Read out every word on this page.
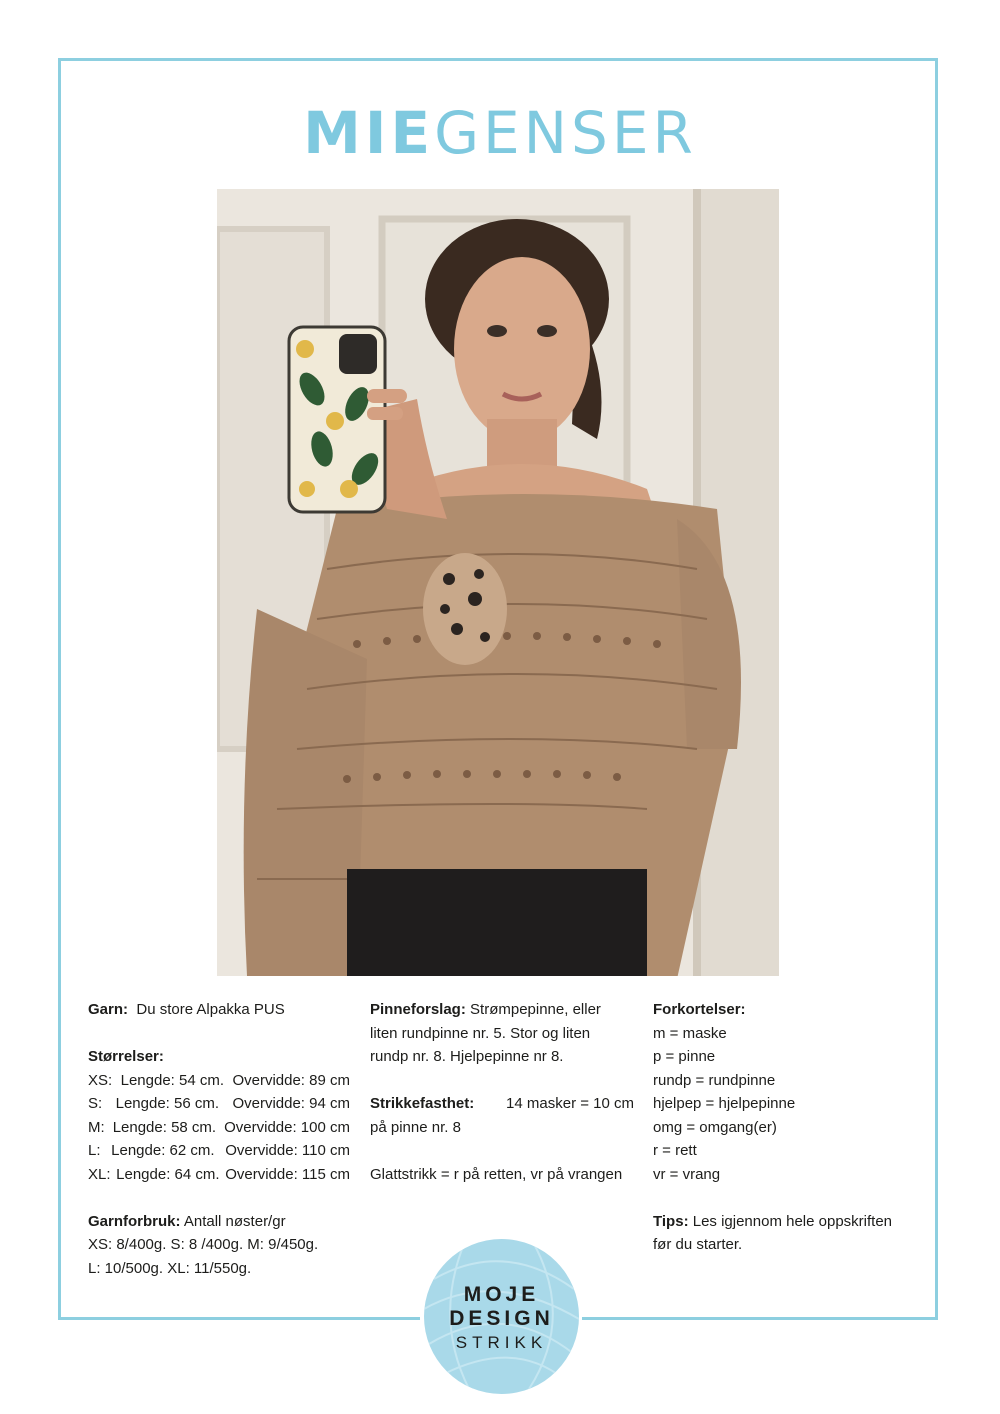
MIEGENSER

Garn: Du store Alpakka PUS

Størrelser:

XS: Lengde: 54 cm. Overvidde: 89 cm
S: Lengde: 56 cm. Overvidde: 94 cm
M: Lengde: 58 cm. Overvidde: 100 cm
L: Lengde: 62 cm. Overvidde: 110 cm
XL: Lengde: 64 cm. Overvidde: 115 cm

Garnforbruk: Antall nøster/gr

XS: 8/400g. S: 8 /400g. M: 9/450g.

L: 10/500g. XL: 11/550g.

Pinneforslag: Strømpepinne, eller

liten rundpinne nr. 5. Stor og liten

rundp nr. 8. Hjelpepinne nr 8.

Strikkefasthet: 14 masker = 10 cm

på pinne nr. 8

Glattstrikk = r på retten, vr på vrangen

Forkortelser:

m = maske

p = pinne

rundp = rundpinne

hjelpep = hjelpepinne

omg = omgang(er)

r = rett

vr = vrang

Tips: Les igjennom hele oppskriften

før du starter.

MOJE
DESIGN
STRIKK
